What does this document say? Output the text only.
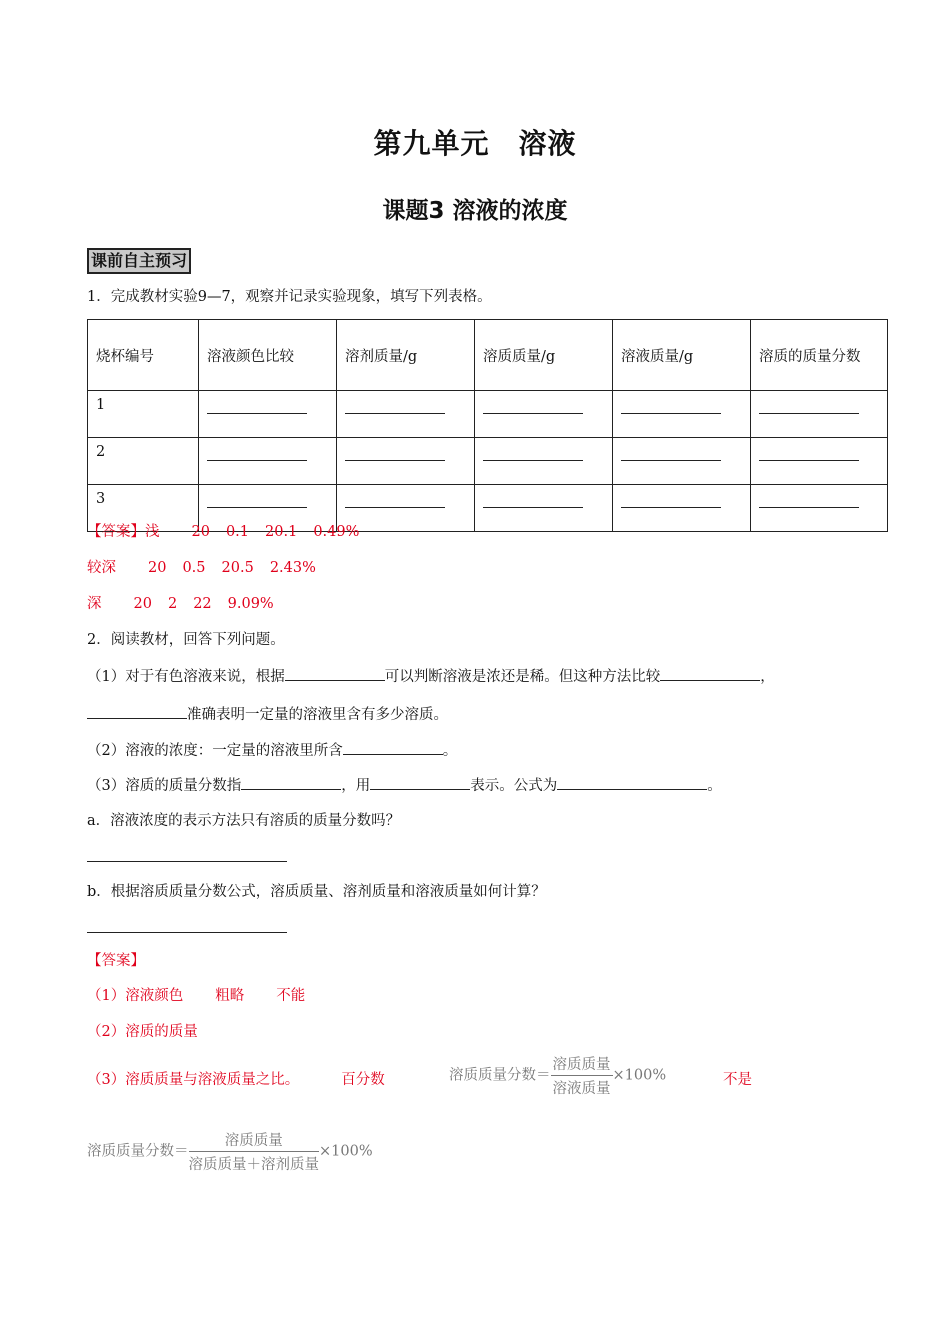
第九单元　溶液
课题3 溶液的浓度
课前自主预习
1．完成教材实验9—7，观察并记录实验现象，填写下列表格。
烧杯编号	溶液颜色比较	溶剂质量/g	溶质质量/g	溶液质量/g	溶质的质量分数
1					
2					
3					
【答案】浅 20 0.1 20.1 0.49%
较深 20 0.5 20.5 2.43%
深 20 2 22 9.09%
2．阅读教材，回答下列问题。
（1）对于有色溶液来说，根据	可以判断溶液是浓还是稀。但这种方法比较	，
准确表明一定量的溶液里含有多少溶质。
（2）溶液的浓度：一定量的溶液里所含	。
（3）溶质的质量分数指	，用	表示。公式为	。
a．溶液浓度的表示方法只有溶质的质量分数吗？
b．根据溶质质量分数公式，溶质质量、溶剂质量和溶液质量如何计算？
【答案】
（1）溶液颜色 粗略 不能
（2）溶质的质量
（3）溶质质量与溶液质量之比。	百分数	溶质质量分数＝ $\frac{\text{溶质质量}}{\text{溶液质量}} \times 100\%$	不是
溶质质量分数＝ $\frac{\text{溶质质量}}{\text{溶质质量＋溶剂质量}} \times 100\%$
